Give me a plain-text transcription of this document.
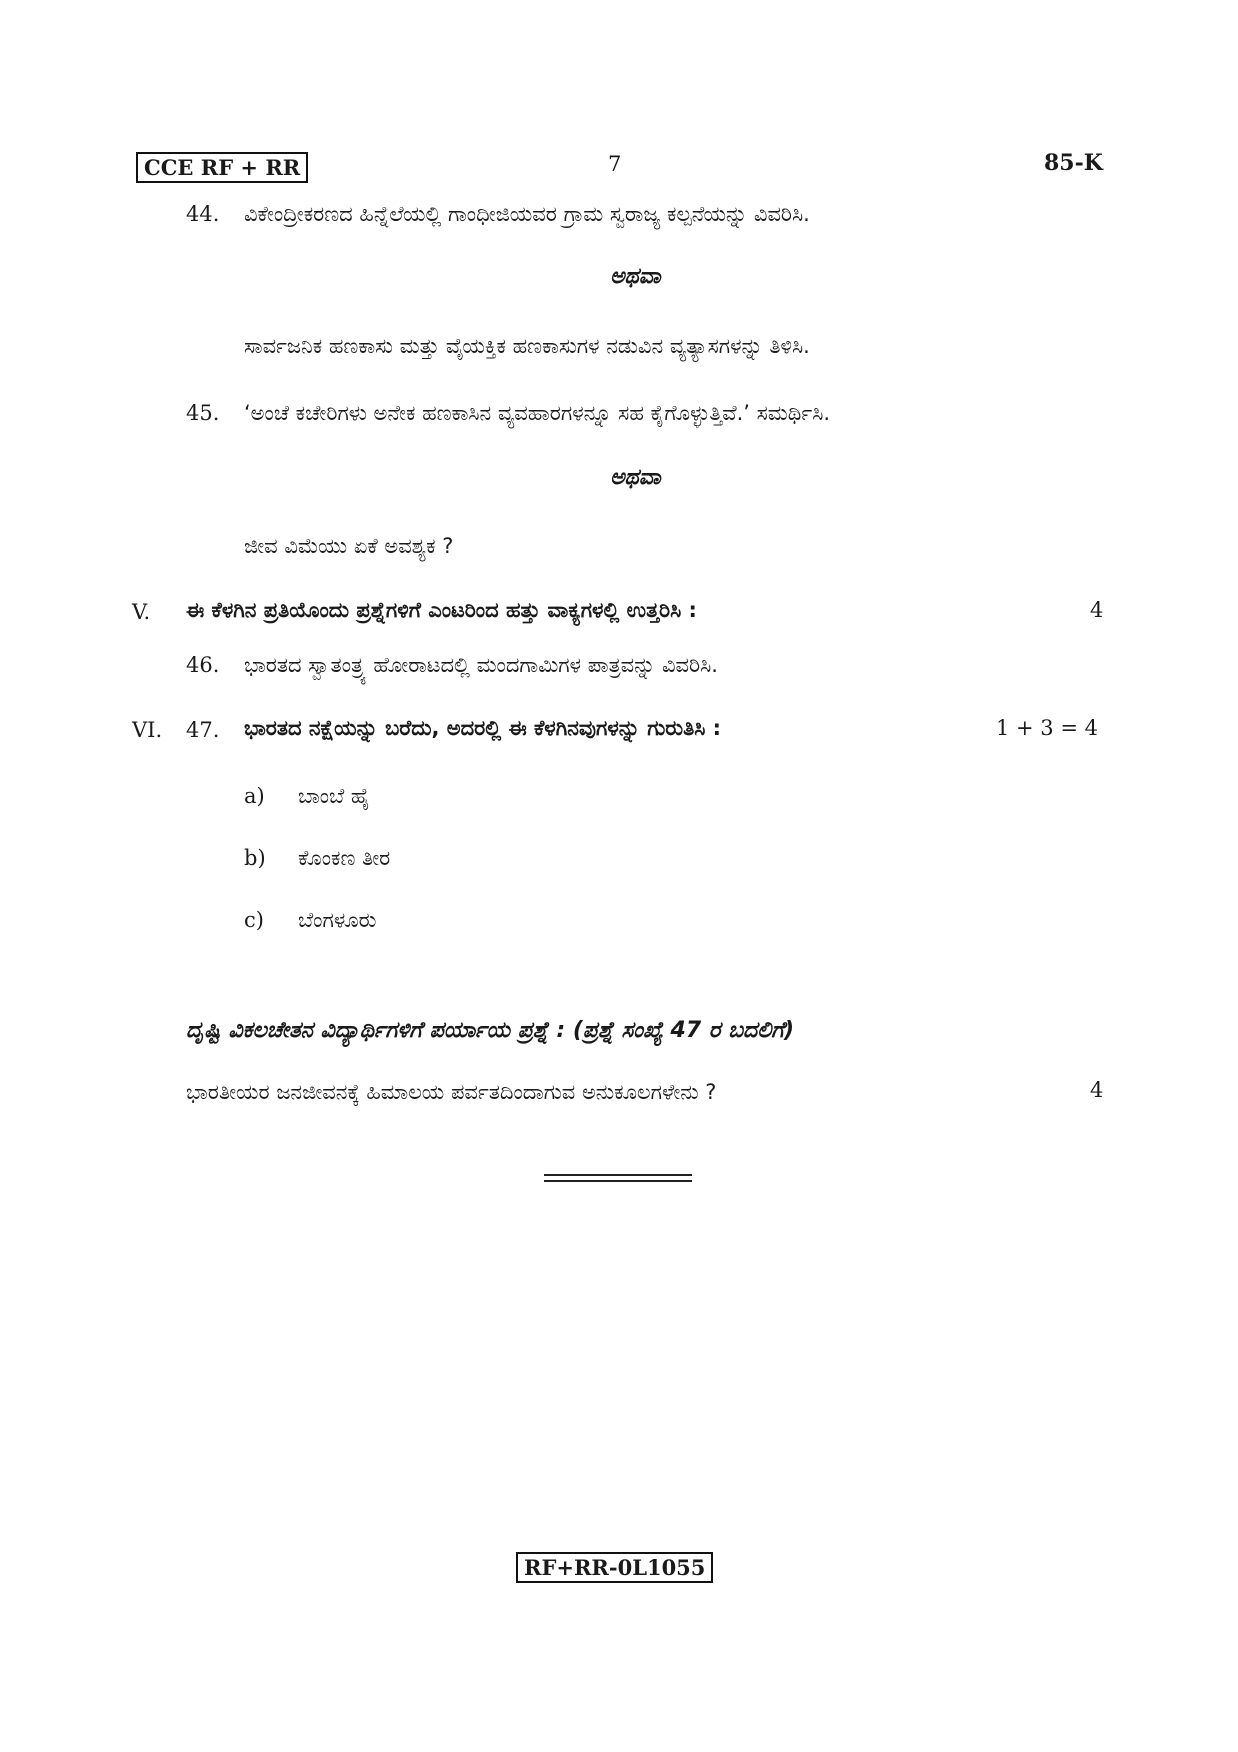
CCE RF + RR	7	85-K
44. ವಿಕೇಂದ್ರೀಕರಣದ ಹಿನ್ನೆಲೆಯಲ್ಲಿ ಗಾಂಧೀಜಿಯವರ ಗ್ರಾಮ ಸ್ವರಾಜ್ಯ ಕಲ್ಪನೆಯನ್ನು ವಿವರಿಸಿ.
ಅಥವಾ
ಸಾರ್ವಜನಿಕ ಹಣಕಾಸು ಮತ್ತು ವೈಯಕ್ತಿಕ ಹಣಕಾಸುಗಳ ನಡುವಿನ ವ್ಯತ್ಯಾಸಗಳನ್ನು ತಿಳಿಸಿ.
45. ‘ಅಂಚೆ ಕಚೇರಿಗಳು ಅನೇಕ ಹಣಕಾಸಿನ ವ್ಯವಹಾರಗಳನ್ನೂ ಸಹ ಕೈಗೊಳ್ಳುತ್ತಿವೆ.’ ಸಮರ್ಥಿಸಿ.
ಅಥವಾ
ಜೀವ ವಿಮೆಯು ಏಕೆ ಅವಶ್ಯಕ ?
V. ಈ ಕೆಳಗಿನ ಪ್ರತಿಯೊಂದು ಪ್ರಶ್ನೆಗಳಿಗೆ ಎಂಟರಿಂದ ಹತ್ತು ವಾಕ್ಯಗಳಲ್ಲಿ ಉತ್ತರಿಸಿ :	4
46. ಭಾರತದ ಸ್ವಾತಂತ್ರ್ಯ ಹೋರಾಟದಲ್ಲಿ ಮಂದಗಾಮಿಗಳ ಪಾತ್ರವನ್ನು ವಿವರಿಸಿ.
VI. 47. ಭಾರತದ ನಕ್ಷೆಯನ್ನು ಬರೆದು, ಅದರಲ್ಲಿ ಈ ಕೆಳಗಿನವುಗಳನ್ನು ಗುರುತಿಸಿ :	1 + 3 = 4
a) ಬಾಂಬೆ ಹೈ
b) ಕೊಂಕಣ ತೀರ
c) ಬೆಂಗಳೂರು
ದೃಷ್ಟಿ ವಿಕಲಚೇತನ ವಿದ್ಯಾರ್ಥಿಗಳಿಗೆ ಪರ್ಯಾಯ ಪ್ರಶ್ನೆ : (ಪ್ರಶ್ನೆ ಸಂಖ್ಯೆ 47 ರ ಬದಲಿಗೆ)
ಭಾರತೀಯರ ಜನಜೀವನಕ್ಕೆ ಹಿಮಾಲಯ ಪರ್ವತದಿಂದಾಗುವ ಅನುಕೂಲಗಳೇನು ?	4
RF+RR-0L1055
